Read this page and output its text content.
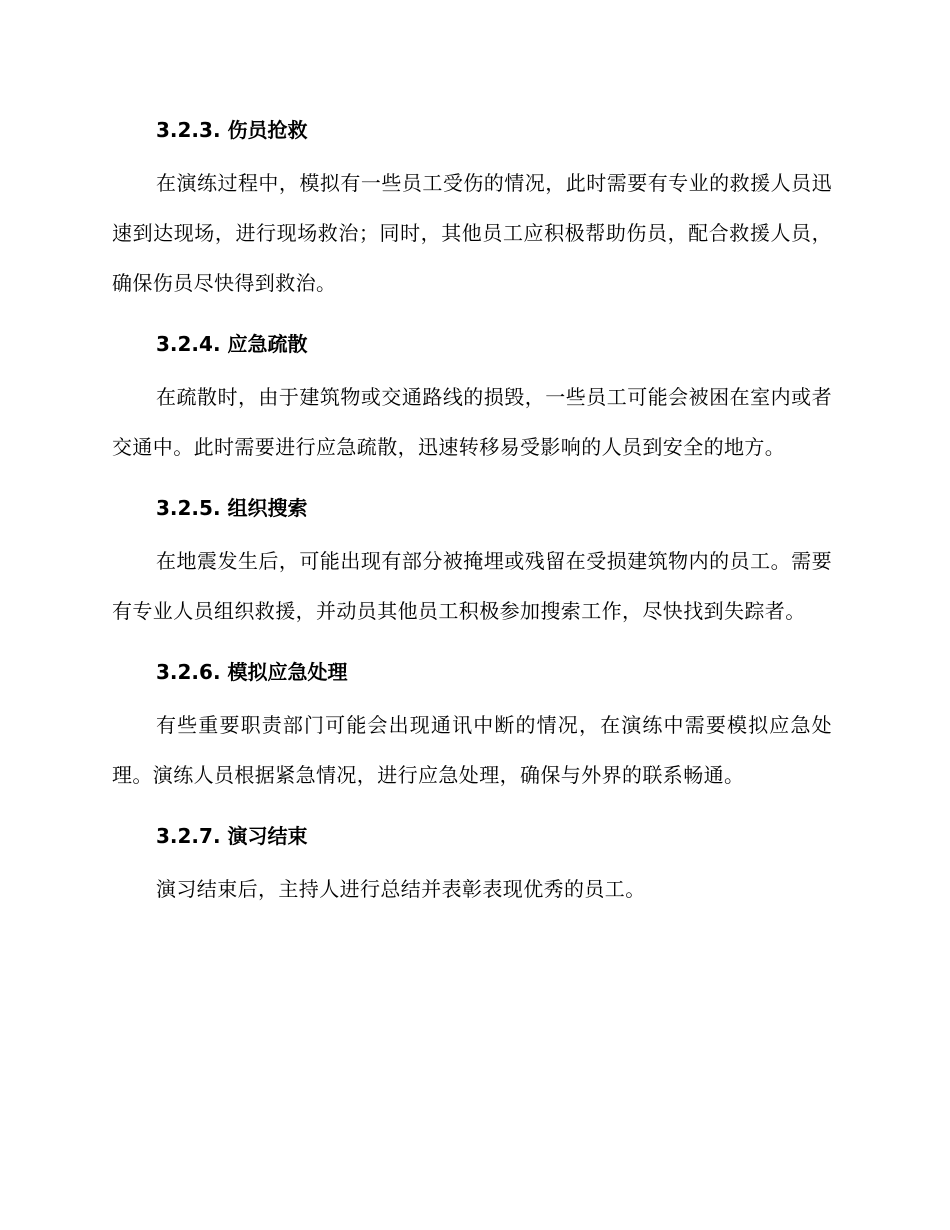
3.2.3. 伤员抢救

在演练过程中，模拟有一些员工受伤的情况，此时需要有专业的救援人员迅速到达现场，进行现场救治；同时，其他员工应积极帮助伤员，配合救援人员，确保伤员尽快得到救治。

3.2.4. 应急疏散

在疏散时，由于建筑物或交通路线的损毁，一些员工可能会被困在室内或者交通中。此时需要进行应急疏散，迅速转移易受影响的人员到安全的地方。

3.2.5. 组织搜索

在地震发生后，可能出现有部分被掩埋或残留在受损建筑物内的员工。需要有专业人员组织救援，并动员其他员工积极参加搜索工作，尽快找到失踪者。

3.2.6. 模拟应急处理

有些重要职责部门可能会出现通讯中断的情况，在演练中需要模拟应急处理。演练人员根据紧急情况，进行应急处理，确保与外界的联系畅通。

3.2.7. 演习结束

演习结束后，主持人进行总结并表彰表现优秀的员工。
